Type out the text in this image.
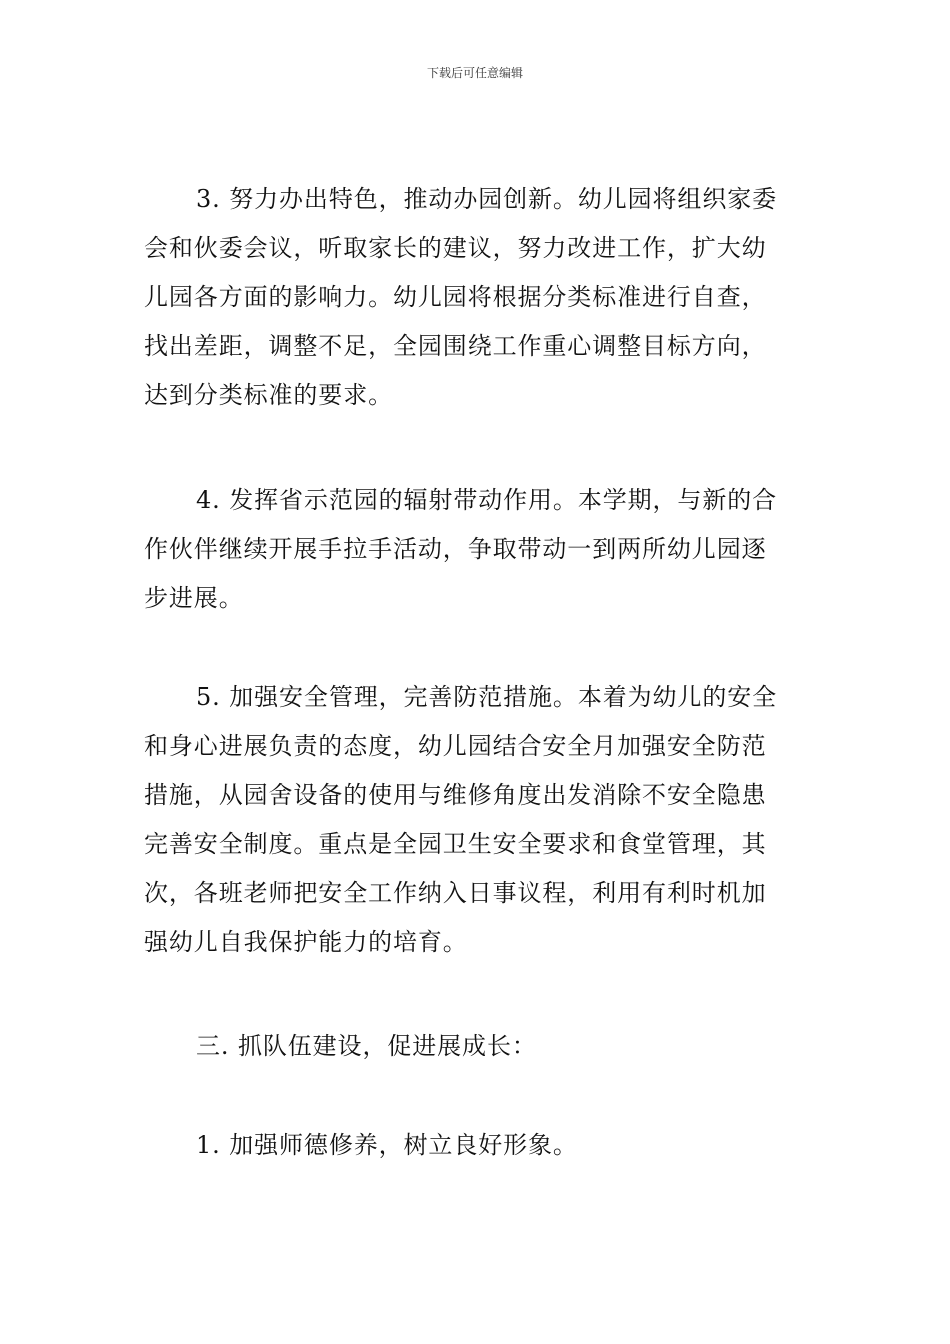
下载后可任意编辑
3. 努力办出特色，推动办园创新。幼儿园将组织家委
会和伙委会议，听取家长的建议，努力改进工作，扩大幼
儿园各方面的影响力。幼儿园将根据分类标准进行自查，
找出差距，调整不足，全园围绕工作重心调整目标方向，
达到分类标准的要求。
4. 发挥省示范园的辐射带动作用。本学期，与新的合
作伙伴继续开展手拉手活动，争取带动一到两所幼儿园逐
步进展。
5. 加强安全管理，完善防范措施。本着为幼儿的安全
和身心进展负责的态度，幼儿园结合安全月加强安全防范
措施，从园舍设备的使用与维修角度出发消除不安全隐患
完善安全制度。重点是全园卫生安全要求和食堂管理，其
次，各班老师把安全工作纳入日事议程，利用有利时机加
强幼儿自我保护能力的培育。
三. 抓队伍建设，促进展成长：
1. 加强师德修养，树立良好形象。
